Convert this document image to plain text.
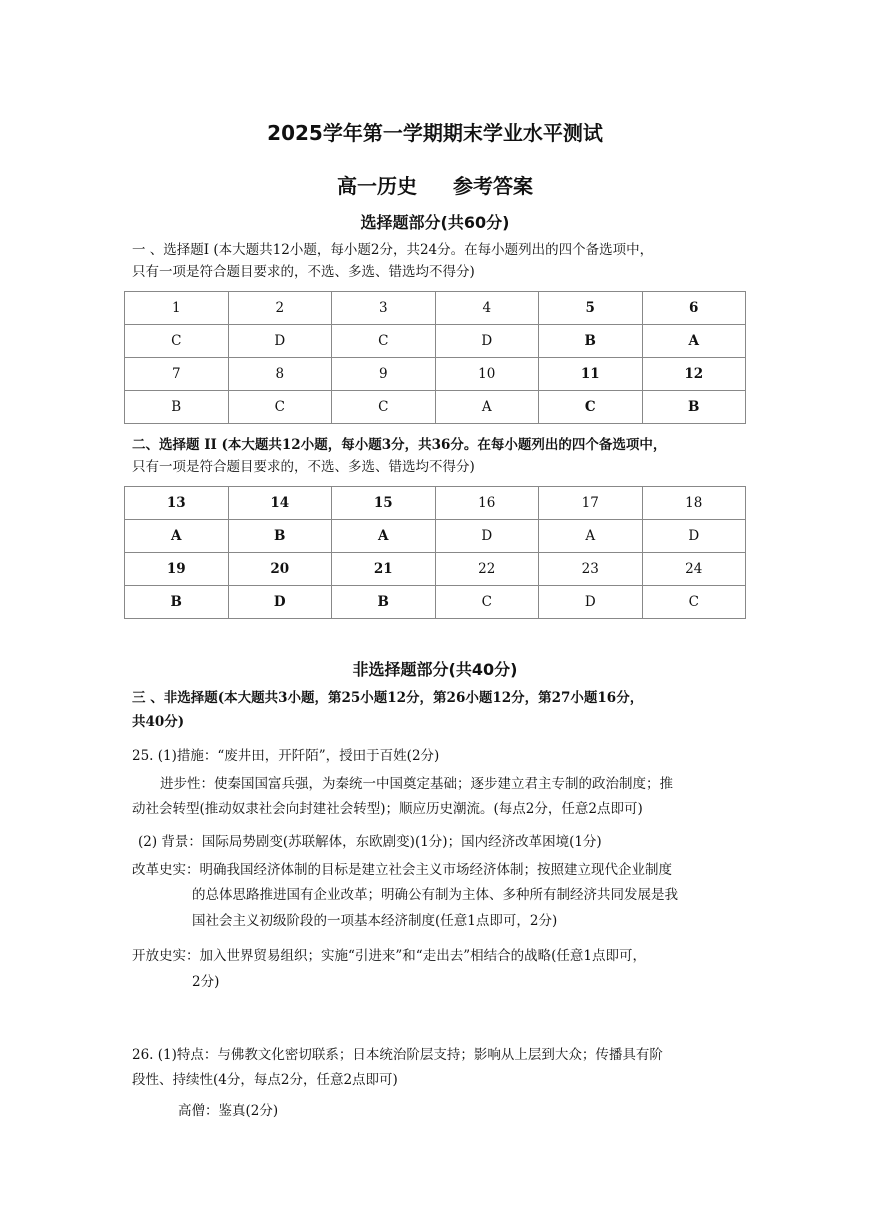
2025学年第一学期期末学业水平测试
高一历史 参考答案
选择题部分(共60分)
一 、选择题I (本大题共12小题，每小题2分，共24分。在每小题列出的四个备选项中，
只有一项是符合题目要求的，不选、多选、错选均不得分)
1	2	3	4	5	6
C	D	C	D	B	A
7	8	9	10	11	12
B	C	C	A	C	B
二、选择题 II (本大题共12小题，每小题3分，共36分。在每小题列出的四个备选项中，
只有一项是符合题目要求的，不选、多选、错选均不得分)
13	14	15	16	17	18
A	B	A	D	A	D
19	20	21	22	23	24
B	D	B	C	D	C
非选择题部分(共40分)
三 、非选择题(本大题共3小题，第25小题12分，第26小题12分，第27小题16分，
共40分)
25. (1)措施：“废井田，开阡陌”，授田于百姓(2分)
进步性：使秦国国富兵强，为秦统一中国奠定基础；逐步建立君主专制的政治制度；推
动社会转型(推动奴隶社会向封建社会转型)；顺应历史潮流。(每点2分，任意2点即可)
(2) 背景：国际局势剧变(苏联解体，东欧剧变)(1分)；国内经济改革困境(1分)
改革史实：明确我国经济体制的目标是建立社会主义市场经济体制；按照建立现代企业制度
的总体思路推进国有企业改革；明确公有制为主体、多种所有制经济共同发展是我
国社会主义初级阶段的一项基本经济制度(任意1点即可，2分)
开放史实：加入世界贸易组织；实施“引进来”和“走出去”相结合的战略(任意1点即可，
2分)
26. (1)特点：与佛教文化密切联系；日本统治阶层支持；影响从上层到大众；传播具有阶
段性、持续性(4分，每点2分，任意2点即可)
高僧：鉴真(2分)
